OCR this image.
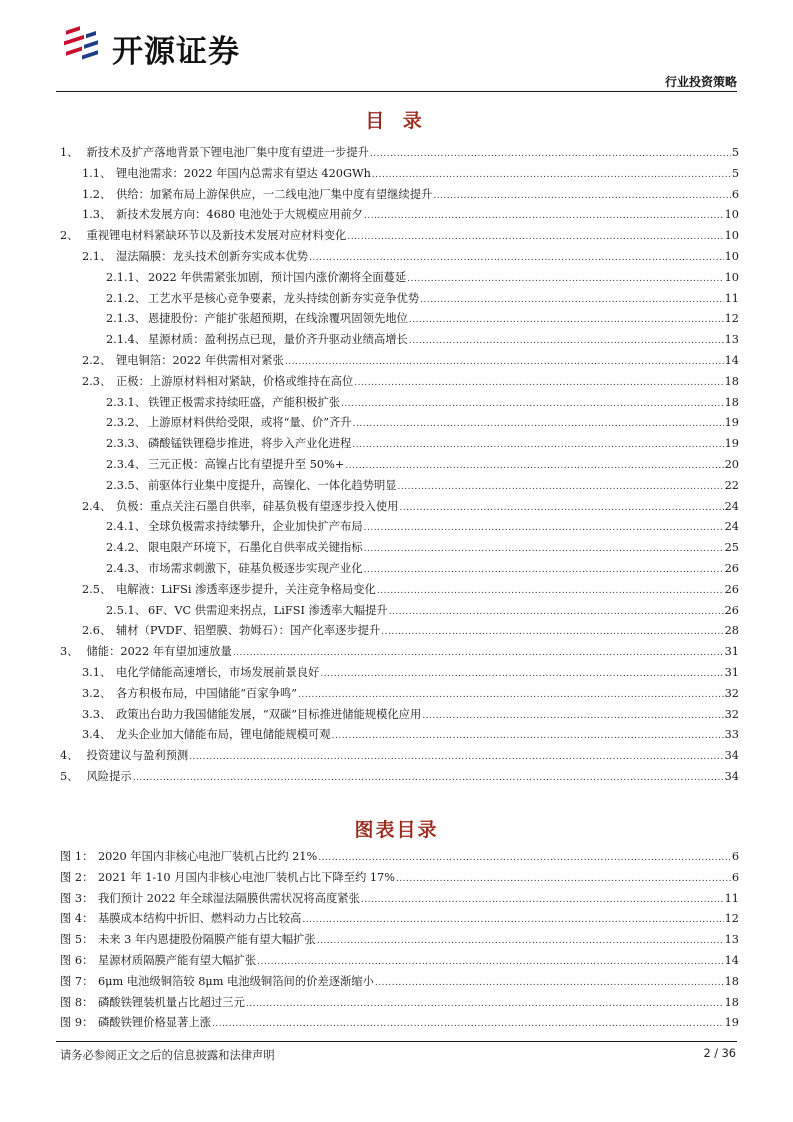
开源证券
行业投资策略
目 录
1、 新技术及扩产落地背景下锂电池厂集中度有望进一步提升 .....	5
1.1、 锂电池需求：2022 年国内总需求有望达 420GWh .....	5
1.2、 供给：加紧布局上游保供应，一二线电池厂集中度有望继续提升 .....	6
1.3、 新技术发展方向：4680 电池处于大规模应用前夕 .....	10
2、 重视锂电材料紧缺环节以及新技术发展对应材料变化 .....	10
2.1、 湿法隔膜：龙头技术创新夯实成本优势 .....	10
2.1.1、 2022 年供需紧张加剧，预计国内涨价潮将全面蔓延 .....	10
2.1.2、 工艺水平是核心竞争要素，龙头持续创新夯实竞争优势 .....	11
2.1.3、 恩捷股份：产能扩张超预期，在线涂覆巩固领先地位 .....	12
2.1.4、 星源材质：盈利拐点已现，量价齐升驱动业绩高增长 .....	13
2.2、 锂电铜箔：2022 年供需相对紧张 .....	14
2.3、 正极：上游原材料相对紧缺，价格或维持在高位 .....	18
2.3.1、 铁锂正极需求持续旺盛，产能积极扩张 .....	18
2.3.2、 上游原材料供给受限，或将“量、价”齐升 .....	19
2.3.3、 磷酸锰铁锂稳步推进，将步入产业化进程 .....	19
2.3.4、 三元正极：高镍占比有望提升至 50%+ .....	20
2.3.5、 前驱体行业集中度提升，高镍化、一体化趋势明显 .....	22
2.4、 负极：重点关注石墨自供率，硅基负极有望逐步投入使用 .....	24
2.4.1、 全球负极需求持续攀升，企业加快扩产布局 .....	24
2.4.2、 限电限产环境下，石墨化自供率成关键指标 .....	25
2.4.3、 市场需求刺激下，硅基负极逐步实现产业化 .....	26
2.5、 电解液：LiFSi 渗透率逐步提升，关注竞争格局变化 .....	26
2.5.1、 6F、VC 供需迎来拐点，LiFSI 渗透率大幅提升 .....	26
2.6、 辅材（PVDF、铝塑膜、勃姆石）：国产化率逐步提升 .....	28
3、 储能：2022 年有望加速放量 .....	31
3.1、 电化学储能高速增长，市场发展前景良好 .....	31
3.2、 各方积极布局，中国储能“百家争鸣” .....	32
3.3、 政策出台助力我国储能发展，“双碳”目标推进储能规模化应用 .....	32
3.4、 龙头企业加大储能布局，锂电储能规模可观 .....	33
4、 投资建议与盈利预测 .....	34
5、 风险提示 .....	34
图表目录
图 1： 2020 年国内非核心电池厂装机占比约 21% .....	6
图 2： 2021 年 1-10 月国内非核心电池厂装机占比下降至约 17% .....	6
图 3： 我们预计 2022 年全球湿法隔膜供需状况将高度紧张 .....	11
图 4： 基膜成本结构中折旧、燃料动力占比较高 .....	12
图 5： 未来 3 年内恩捷股份隔膜产能有望大幅扩张 .....	13
图 6： 星源材质隔膜产能有望大幅扩张 .....	14
图 7： 6μm 电池级铜箔较 8μm 电池级铜箔间的价差逐渐缩小 .....	18
图 8： 磷酸铁锂装机量占比超过三元 .....	18
图 9： 磷酸铁锂价格显著上涨 .....	19
请务必参阅正文之后的信息披露和法律声明	2 / 36
